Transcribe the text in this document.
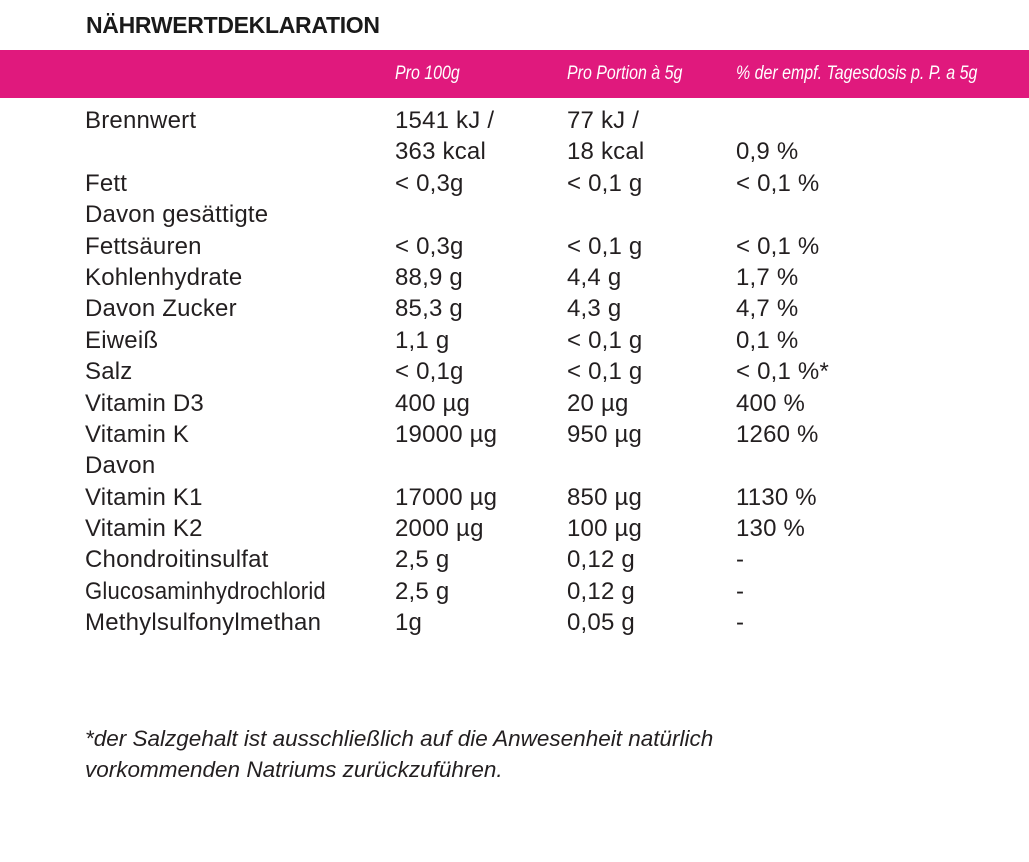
NÄHRWERTDEKLARATION
Pro 100g	Pro Portion à 5g	% der empf. Tagesdosis p. P. a 5g
Brennwert	1541 kJ /	77 kJ /
363 kcal	18 kcal	0,9 %
Fett	< 0,3g	< 0,1 g	< 0,1 %
Davon gesättigte
Fettsäuren	< 0,3g	< 0,1 g	< 0,1 %
Kohlenhydrate	88,9 g	4,4 g	1,7 %
Davon Zucker	85,3 g	4,3 g	4,7 %
Eiweiß	1,1 g	< 0,1 g	0,1 %
Salz	< 0,1g	< 0,1 g	< 0,1 %*
Vitamin D3	400 µg	20 µg	400 %
Vitamin K	19000 µg	950 µg	1260 %
Davon
Vitamin K1	17000 µg	850 µg	1130 %
Vitamin K2	2000 µg	100 µg	130 %
Chondroitinsulfat	2,5 g	0,12 g	-
Glucosaminhydrochlorid	2,5 g	0,12 g	-
Methylsulfonylmethan	1g	0,05 g	-
*der Salzgehalt ist ausschließlich auf die Anwesenheit natürlich
vorkommenden Natriums zurückzuführen.
